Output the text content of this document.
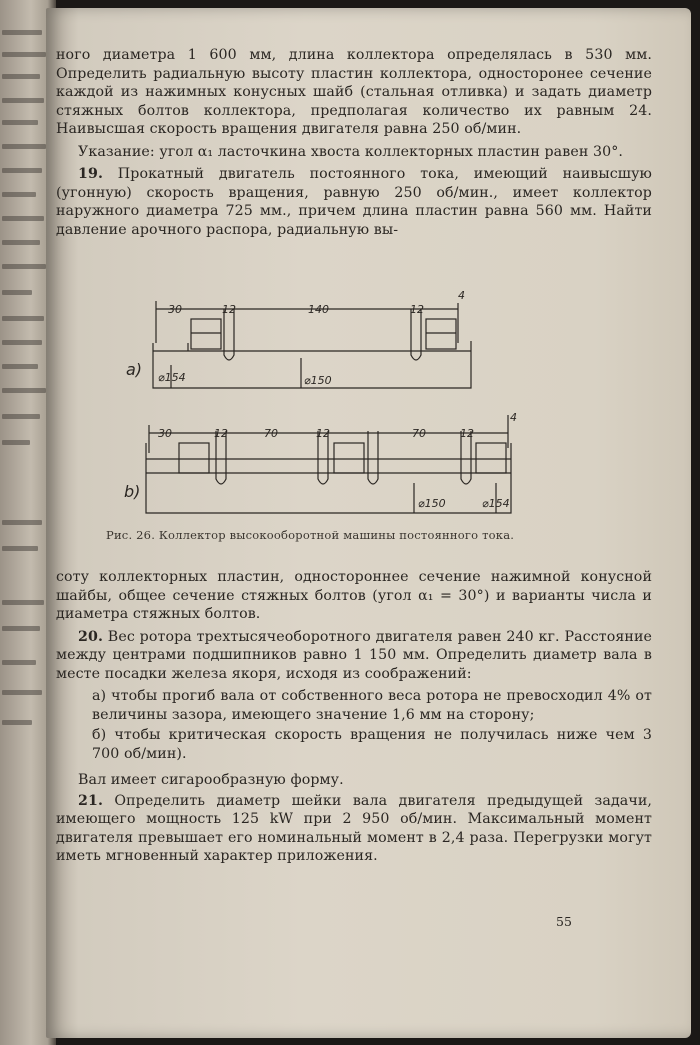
ного диаметра 1 600 мм, длина коллектора определялась в 530 мм. Определить радиальную высоту пластин коллектора, односторонее сечение каждой из нажимных конусных шайб (стальная отливка) и задать диаметр стяжных болтов коллектора, предполагая количество их равным 24. Наивысшая скорость вращения двигателя равна 250 об/мин.

Указание: угол α₁ ласточкина хвоста коллекторных пластин равен 30°.

19. Прокатный двигатель постоянного тока, имеющий наивысшую (угонную) скорость вращения, равную 250 об/мин., имеет коллектор наружного диаметра 725 мм., причем длина пластин равна 560 мм. Найти давление арочного распора, радиальную вы-

30	12	140	12
4
⌀154	⌀150
a)
30	12	70	12	70	12
4
⌀150	⌀154
b)
Рис. 26. Коллектор высокооборотной машины постоянного тока.

соту коллекторных пластин, одностороннее сечение нажимной конусной шайбы, общее сечение стяжных болтов (угол α₁ = 30°) и варианты числа и диаметра стяжных болтов.

20. Вес ротора трехтысячеоборотного двигателя равен 240 кг. Расстояние между центрами подшипников равно 1 150 мм. Определить диаметр вала в месте посадки железа якоря, исходя из соображений:

а) чтобы прогиб вала от собственного веса ротора не превосходил 4% от величины зазора, имеющего значение 1,6 мм на сторону;

б) чтобы критическая скорость вращения не получилась ниже чем 3 700 об/мин).

Вал имеет сигарообразную форму.

21. Определить диаметр шейки вала двигателя предыдущей задачи, имеющего мощность 125 kW при 2 950 об/мин. Максимальный момент двигателя превышает его номинальный момент в 2,4 раза. Перегрузки могут иметь мгновенный характер приложения.

55
